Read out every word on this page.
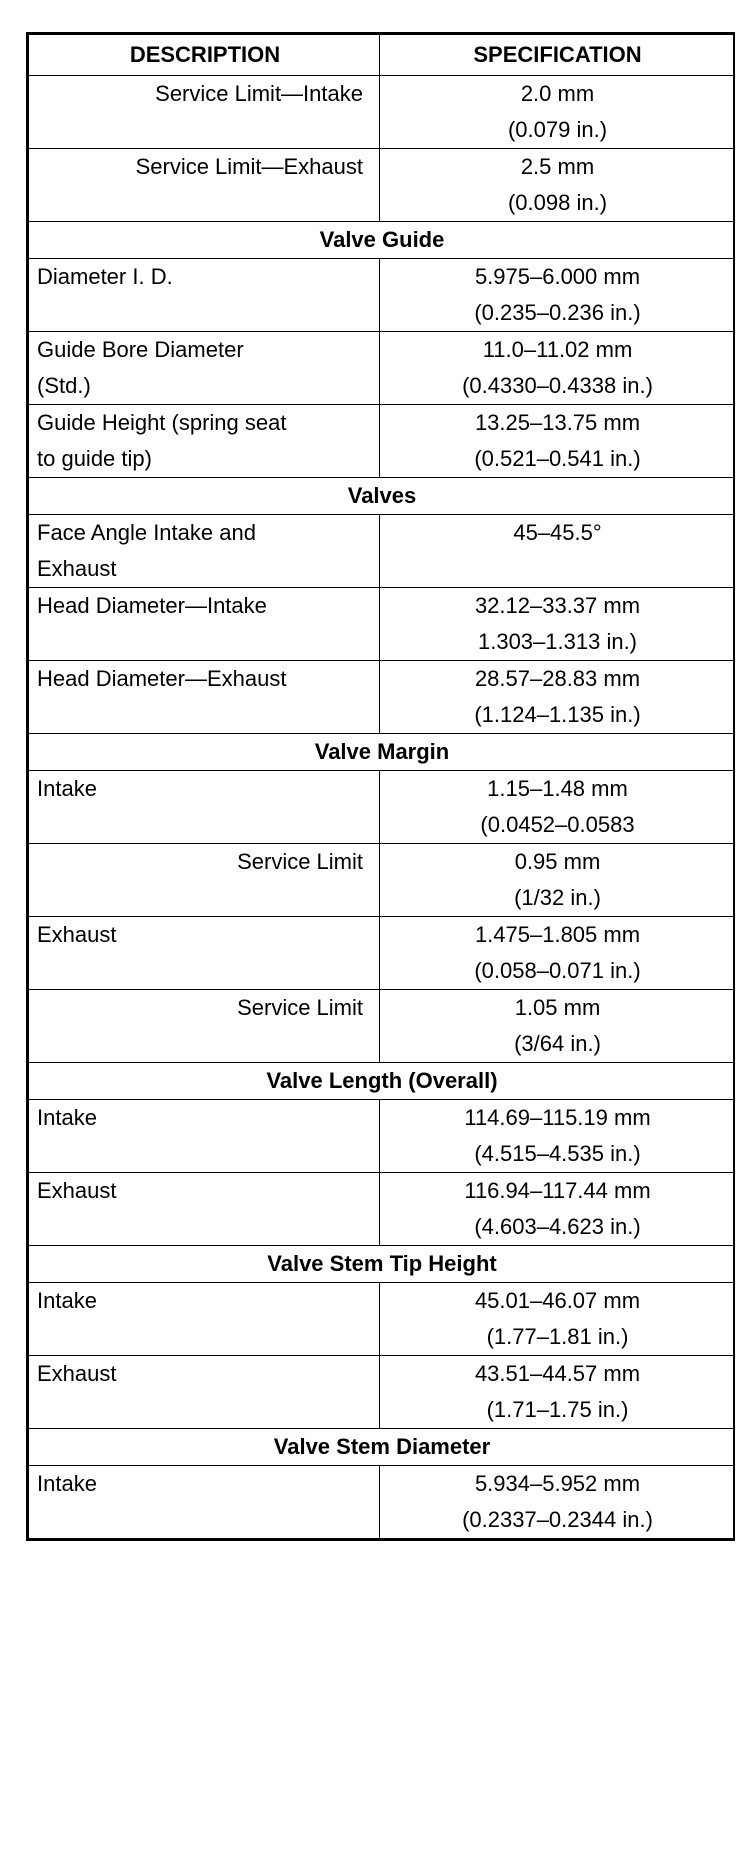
DESCRIPTION	SPECIFICATION

Service Limit—Intake	2.0 mm
(0.079 in.)

Service Limit—Exhaust	2.5 mm
(0.098 in.)

Valve Guide	

Diameter I. D.	5.975–6.000 mm
(0.235–0.236 in.)

Guide Bore Diameter
(Std.)	11.0–11.02 mm
(0.4330–0.4338 in.)

Guide Height (spring seat
to guide tip)	13.25–13.75 mm
(0.521–0.541 in.)

Valves	

Face Angle Intake and
Exhaust	45–45.5°

Head Diameter—Intake	32.12–33.37 mm
1.303–1.313 in.)

Head Diameter—Exhaust	28.57–28.83 mm
(1.124–1.135 in.)

Valve Margin	

Intake	1.15–1.48 mm
(0.0452–0.0583

Service Limit	0.95 mm
(1/32 in.)

Exhaust	1.475–1.805 mm
(0.058–0.071 in.)

Service Limit	1.05 mm
(3/64 in.)

Valve Length (Overall)	

Intake	114.69–115.19 mm
(4.515–4.535 in.)

Exhaust	116.94–117.44 mm
(4.603–4.623 in.)

Valve Stem Tip Height	

Intake	45.01–46.07 mm
(1.77–1.81 in.)

Exhaust	43.51–44.57 mm
(1.71–1.75 in.)

Valve Stem Diameter	

Intake	5.934–5.952 mm
(0.2337–0.2344 in.)
